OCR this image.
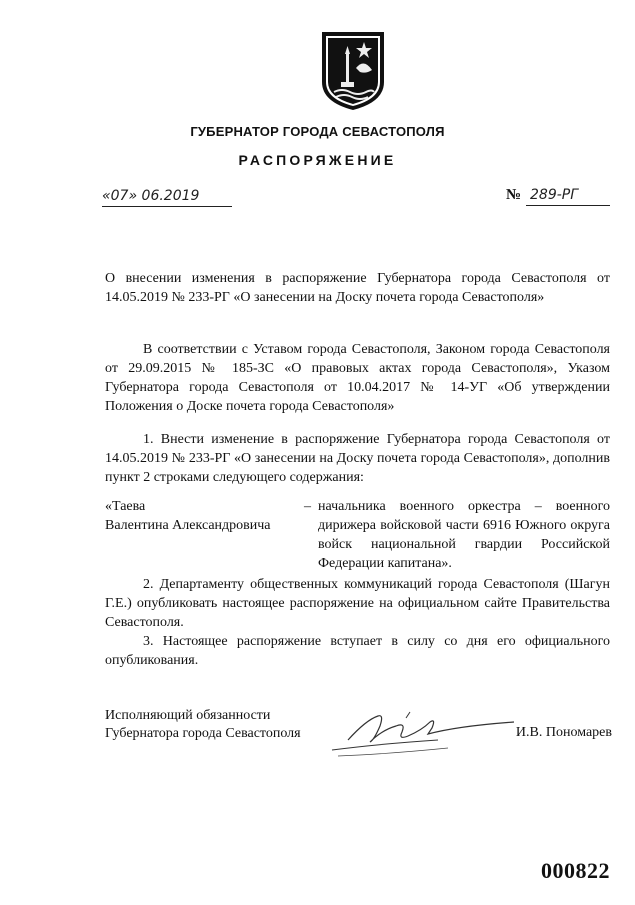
ГУБЕРНАТОР ГОРОДА СЕВАСТОПОЛЯ
РАСПОРЯЖЕНИЕ
«07» 06.2019	№ 289-РГ
О внесении изменения в распоряжение Губернатора города Севастополя от 14.05.2019 № 233-РГ «О занесении на Доску почета города Севастополя»
В соответствии с Уставом города Севастополя, Законом города Севастополя от 29.09.2015 № 185-ЗС «О правовых актах города Севастополя», Указом Губернатора города Севастополя от 10.04.2017 № 14-УГ «Об утверждении Положения о Доске почета города Севастополя»
1. Внести изменение в распоряжение Губернатора города Севастополя от 14.05.2019 № 233-РГ «О занесении на Доску почета города Севастополя», дополнив пункт 2 строками следующего содержания:
«Таева
Валентина Александровича
– начальника военного оркестра – военного дирижера войсковой части 6916 Южного округа войск национальной гвардии Российской Федерации капитана».
2. Департаменту общественных коммуникаций города Севастополя (Шагун Г.Е.) опубликовать настоящее распоряжение на официальном сайте Правительства Севастополя.
3. Настоящее распоряжение вступает в силу со дня его официального опубликования.
Исполняющий обязанности
Губернатора города Севастополя	И.В. Пономарев
000822
